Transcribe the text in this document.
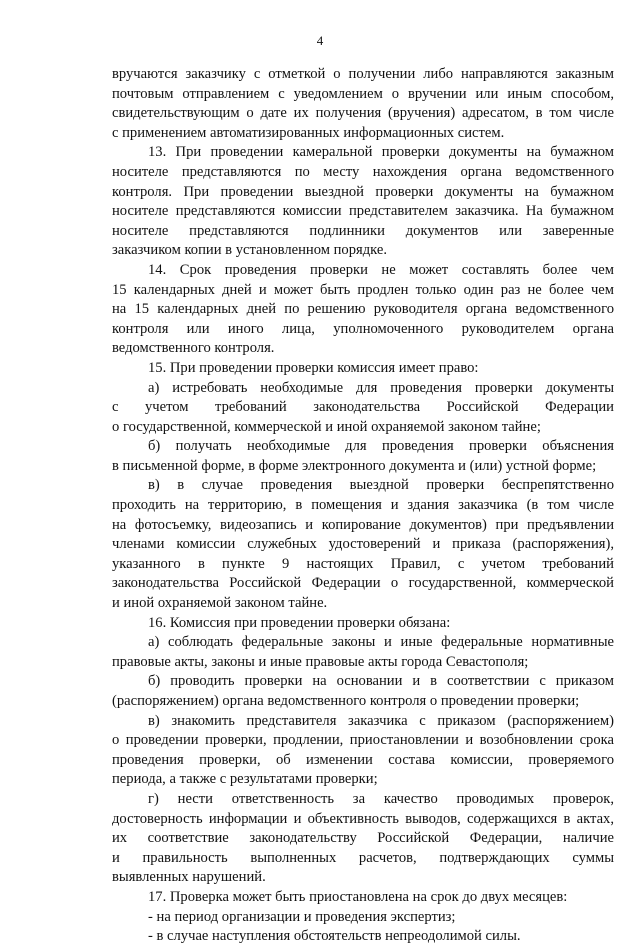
4
вручаются заказчику с отметкой о получении либо направляются заказным
почтовым отправлением с уведомлением о вручении или иным способом,
свидетельствующим о дате их получения (вручения) адресатом, в том числе
с применением автоматизированных информационных систем.
13. При проведении камеральной проверки документы на бумажном
носителе представляются по месту нахождения органа ведомственного
контроля. При проведении выездной проверки документы на бумажном
носителе представляются комиссии представителем заказчика. На бумажном
носителе представляются подлинники документов или заверенные
заказчиком копии в установленном порядке.
14. Срок проведения проверки не может составлять более чем
15 календарных дней и может быть продлен только один раз не более чем
на 15 календарных дней по решению руководителя органа ведомственного
контроля или иного лица, уполномоченного руководителем органа
ведомственного контроля.
15. При проведении проверки комиссия имеет право:
а) истребовать необходимые для проведения проверки документы
с учетом требований законодательства Российской Федерации
о государственной, коммерческой и иной охраняемой законом тайне;
б) получать необходимые для проведения проверки объяснения
в письменной форме, в форме электронного документа и (или) устной форме;
в) в случае проведения выездной проверки беспрепятственно
проходить на территорию, в помещения и здания заказчика (в том числе
на фотосъемку, видеозапись и копирование документов) при предъявлении
членами комиссии служебных удостоверений и приказа (распоряжения),
указанного в пункте 9 настоящих Правил, с учетом требований
законодательства Российской Федерации о государственной, коммерческой
и иной охраняемой законом тайне.
16. Комиссия при проведении проверки обязана:
а) соблюдать федеральные законы и иные федеральные нормативные
правовые акты, законы и иные правовые акты города Севастополя;
б) проводить проверки на основании и в соответствии с приказом
(распоряжением) органа ведомственного контроля о проведении проверки;
в) знакомить представителя заказчика с приказом (распоряжением)
о проведении проверки, продлении, приостановлении и возобновлении срока
проведения проверки, об изменении состава комиссии, проверяемого
периода, а также с результатами проверки;
г) нести ответственность за качество проводимых проверок,
достоверность информации и объективность выводов, содержащихся в актах,
их соответствие законодательству Российской Федерации, наличие
и правильность выполненных расчетов, подтверждающих суммы
выявленных нарушений.
17. Проверка может быть приостановлена на срок до двух месяцев:
- на период организации и проведения экспертиз;
- в случае наступления обстоятельств непреодолимой силы.
